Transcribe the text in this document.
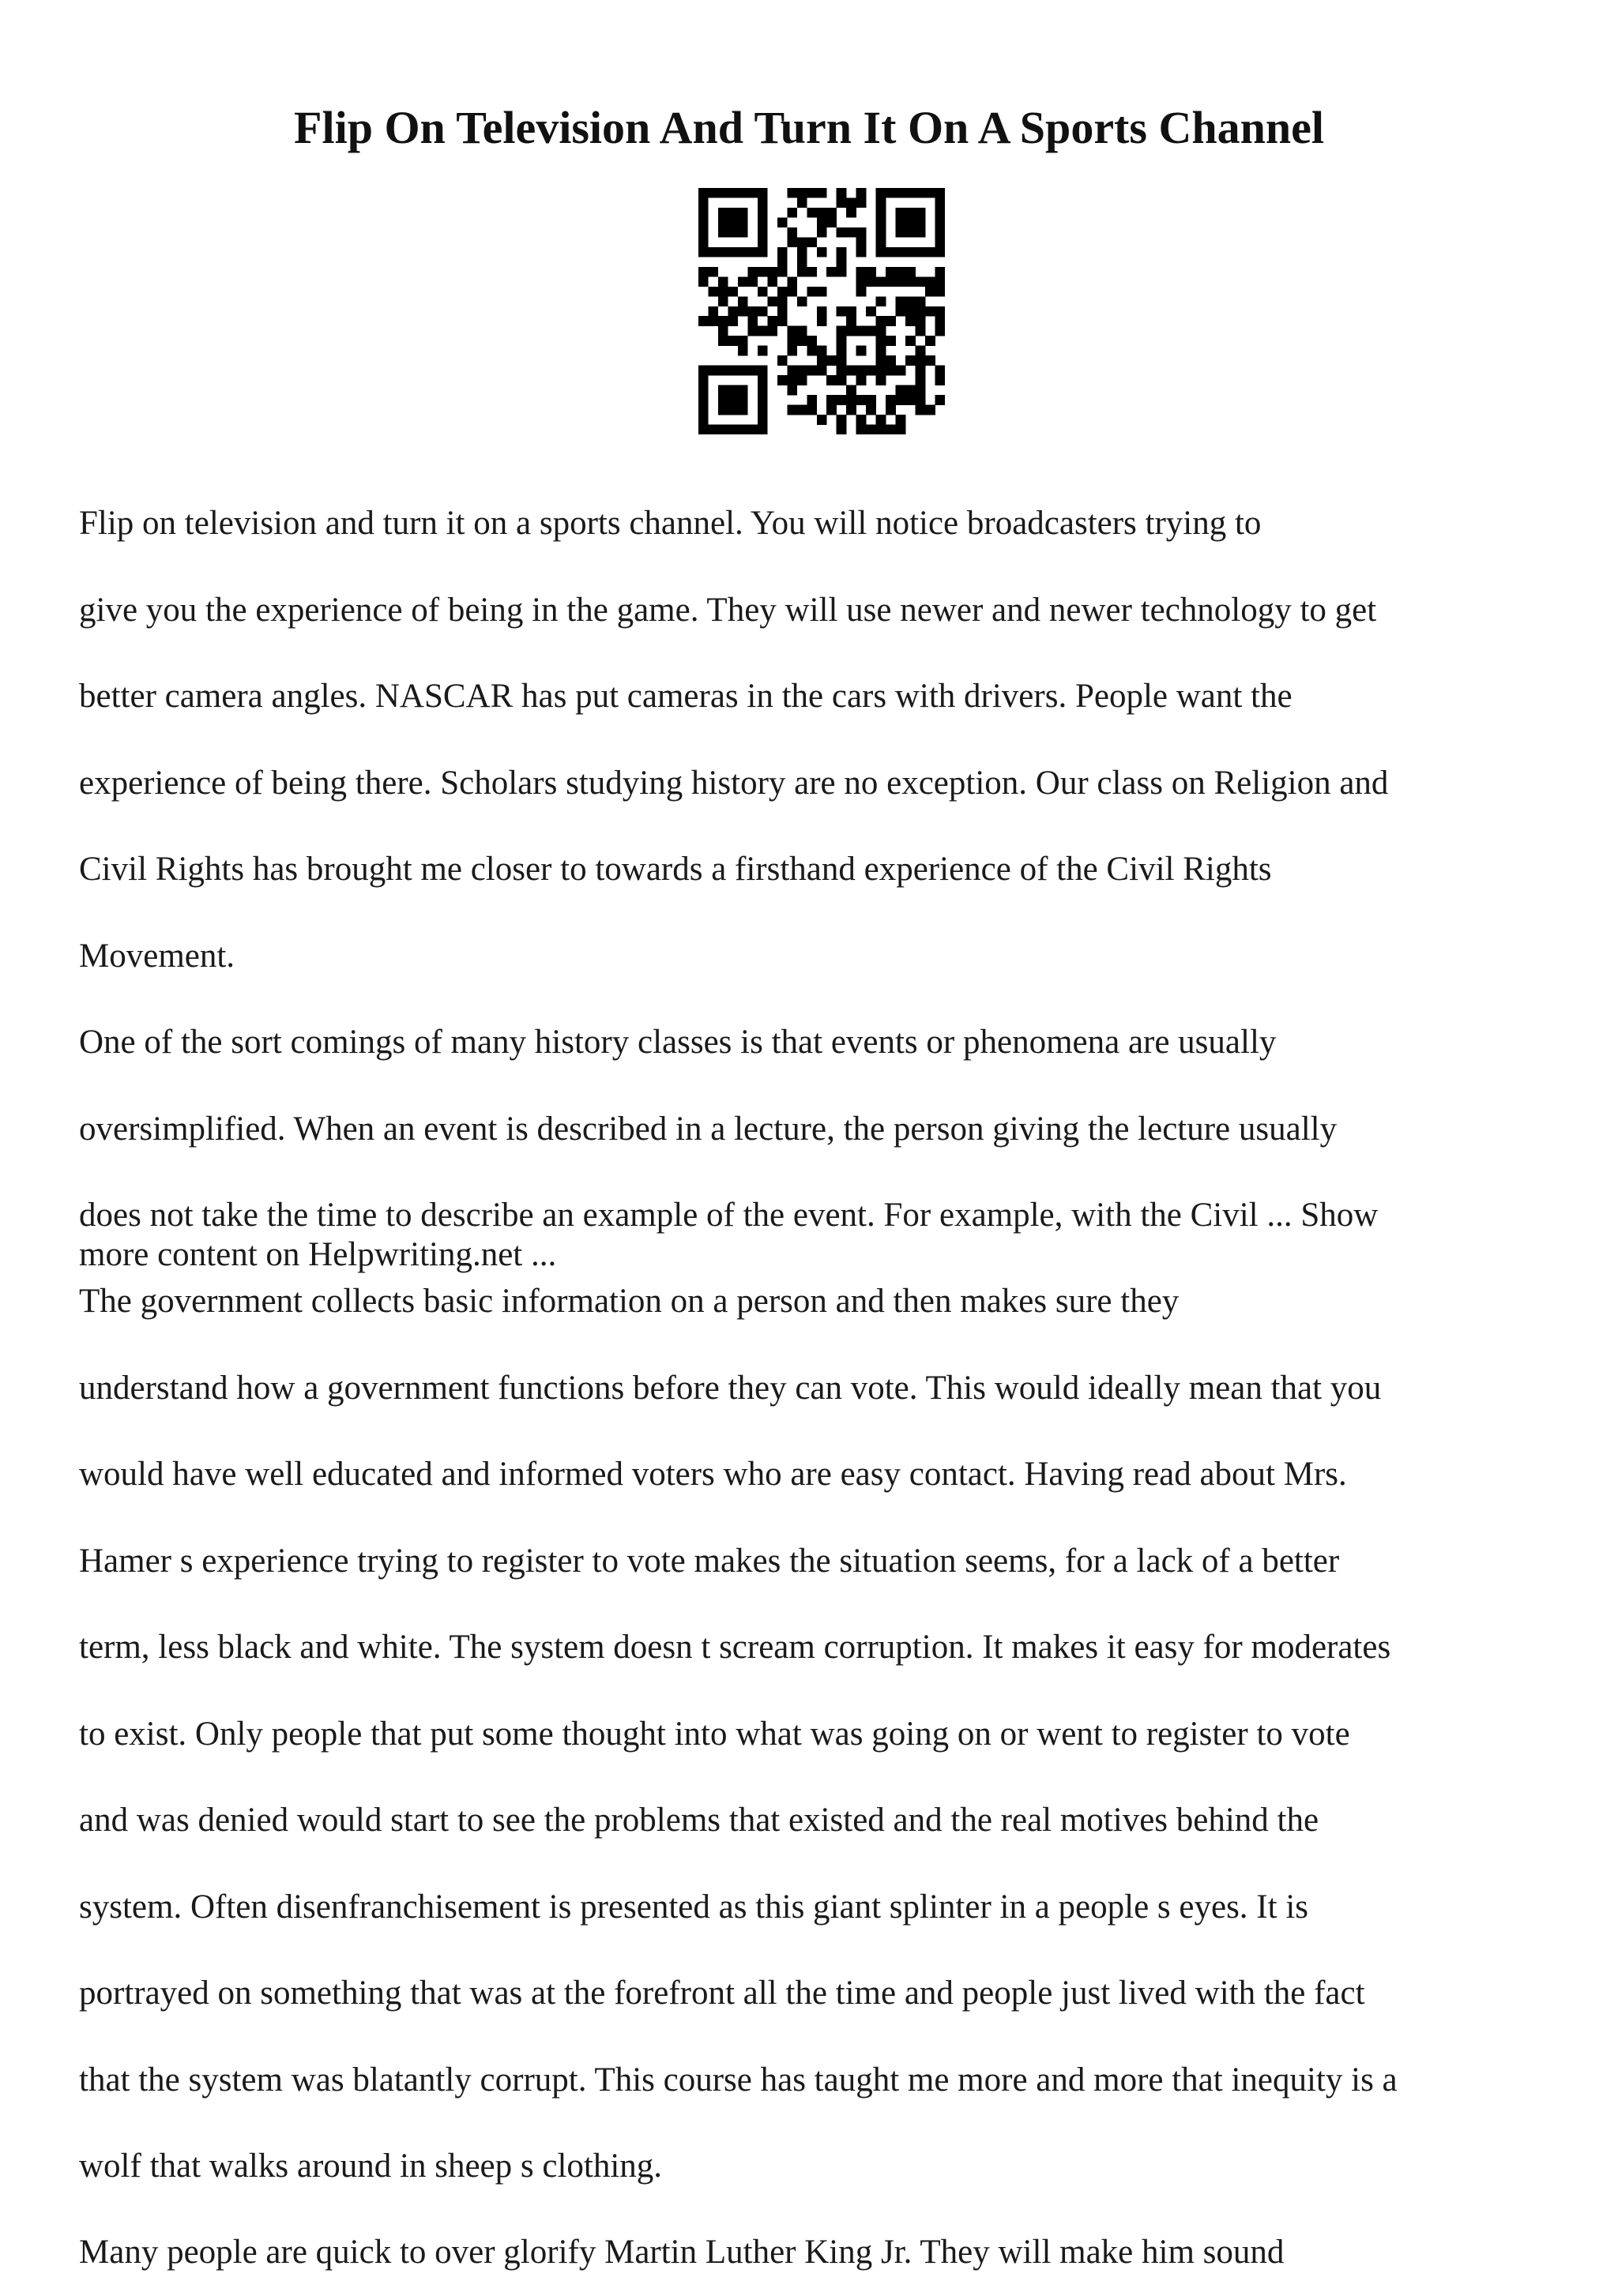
Flip On Television And Turn It On A Sports Channel

Flip on television and turn it on a sports channel. You will notice broadcasters trying to
give you the experience of being in the game. They will use newer and newer technology to get
better camera angles. NASCAR has put cameras in the cars with drivers. People want the
experience of being there. Scholars studying history are no exception. Our class on Religion and
Civil Rights has brought me closer to towards a firsthand experience of the Civil Rights
Movement.

One of the sort comings of many history classes is that events or phenomena are usually
oversimplified. When an event is described in a lecture, the person giving the lecture usually
does not take the time to describe an example of the event. For example, with the Civil ... Show

more content on Helpwriting.net ...

The government collects basic information on a person and then makes sure they
understand how a government functions before they can vote. This would ideally mean that you
would have well educated and informed voters who are easy contact. Having read about Mrs.
Hamer s experience trying to register to vote makes the situation seems, for a lack of a better
term, less black and white. The system doesn t scream corruption. It makes it easy for moderates
to exist. Only people that put some thought into what was going on or went to register to vote
and was denied would start to see the problems that existed and the real motives behind the
system. Often disenfranchisement is presented as this giant splinter in a people s eyes. It is
portrayed on something that was at the forefront all the time and people just lived with the fact
that the system was blatantly corrupt. This course has taught me more and more that inequity is a
wolf that walks around in sheep s clothing.

Many people are quick to over glorify Martin Luther King Jr. They will make him sound
